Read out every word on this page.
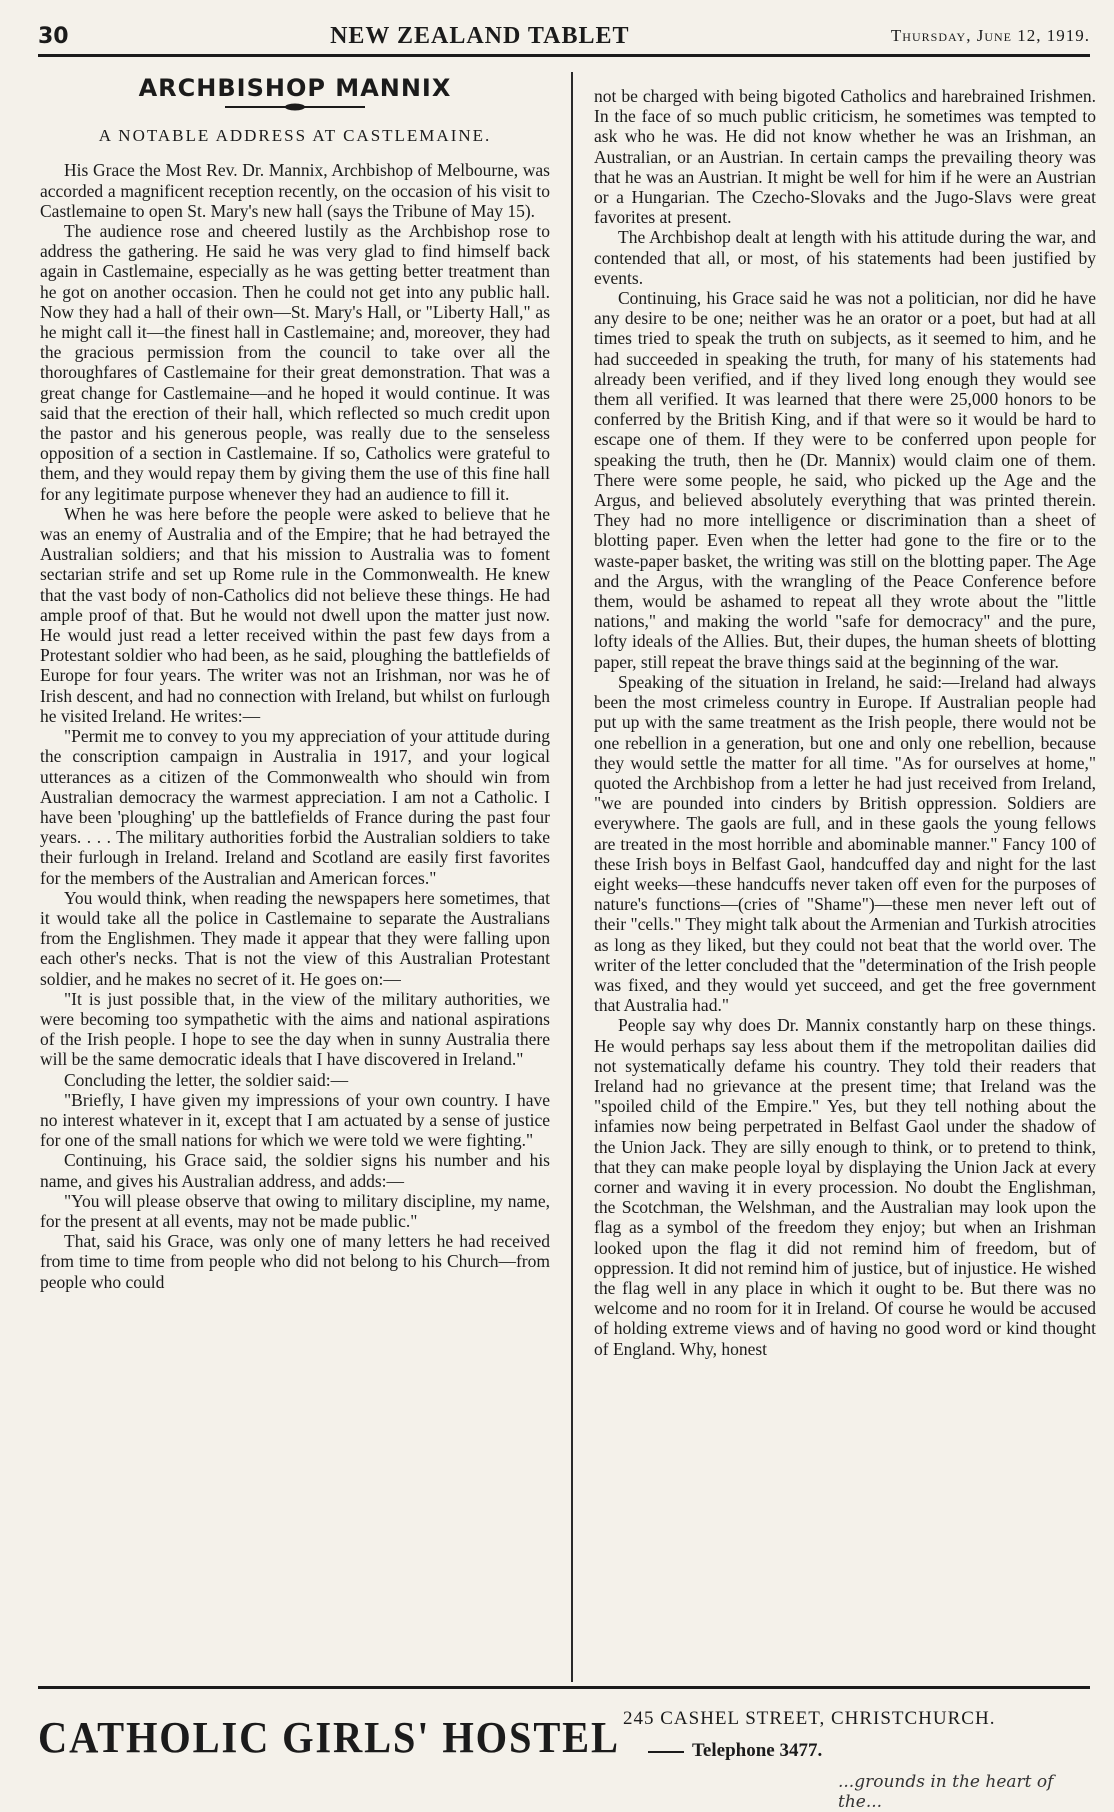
30	NEW ZEALAND TABLET	Thursday, June 12, 1919.
ARCHBISHOP MANNIX
A NOTABLE ADDRESS AT CASTLEMAINE.

His Grace the Most Rev. Dr. Mannix, Archbishop of Melbourne, was accorded a magnificent reception recently, on the occasion of his visit to Castlemaine to open St. Mary's new hall (says the Tribune of May 15).

The audience rose and cheered lustily as the Archbishop rose to address the gathering. He said he was very glad to find himself back again in Castlemaine, especially as he was getting better treatment than he got on another occasion. Then he could not get into any public hall. Now they had a hall of their own—St. Mary's Hall, or "Liberty Hall," as he might call it—the finest hall in Castlemaine; and, moreover, they had the gracious permission from the council to take over all the thoroughfares of Castlemaine for their great demonstration. That was a great change for Castlemaine—and he hoped it would continue. It was said that the erection of their hall, which reflected so much credit upon the pastor and his generous people, was really due to the senseless opposition of a section in Castlemaine. If so, Catholics were grateful to them, and they would repay them by giving them the use of this fine hall for any legitimate purpose whenever they had an audience to fill it.

When he was here before the people were asked to believe that he was an enemy of Australia and of the Empire; that he had betrayed the Australian soldiers; and that his mission to Australia was to foment sectarian strife and set up Rome rule in the Commonwealth. He knew that the vast body of non-Catholics did not believe these things. He had ample proof of that. But he would not dwell upon the matter just now. He would just read a letter received within the past few days from a Protestant soldier who had been, as he said, ploughing the battlefields of Europe for four years. The writer was not an Irishman, nor was he of Irish descent, and had no connection with Ireland, but whilst on furlough he visited Ireland. He writes:—

"Permit me to convey to you my appreciation of your attitude during the conscription campaign in Australia in 1917, and your logical utterances as a citizen of the Commonwealth who should win from Australian democracy the warmest appreciation. I am not a Catholic. I have been 'ploughing' up the battlefields of France during the past four years. . . . The military authorities forbid the Australian soldiers to take their furlough in Ireland. Ireland and Scotland are easily first favorites for the members of the Australian and American forces."

You would think, when reading the newspapers here sometimes, that it would take all the police in Castlemaine to separate the Australians from the Englishmen. They made it appear that they were falling upon each other's necks. That is not the view of this Australian Protestant soldier, and he makes no secret of it. He goes on:—

"It is just possible that, in the view of the military authorities, we were becoming too sympathetic with the aims and national aspirations of the Irish people. I hope to see the day when in sunny Australia there will be the same democratic ideals that I have discovered in Ireland."

Concluding the letter, the soldier said:—

"Briefly, I have given my impressions of your own country. I have no interest whatever in it, except that I am actuated by a sense of justice for one of the small nations for which we were told we were fighting."

Continuing, his Grace said, the soldier signs his number and his name, and gives his Australian address, and adds:—

"You will please observe that owing to military discipline, my name, for the present at all events, may not be made public."

That, said his Grace, was only one of many letters he had received from time to time from people who did not belong to his Church—from people who could

not be charged with being bigoted Catholics and harebrained Irishmen. In the face of so much public criticism, he sometimes was tempted to ask who he was. He did not know whether he was an Irishman, an Australian, or an Austrian. In certain camps the prevailing theory was that he was an Austrian. It might be well for him if he were an Austrian or a Hungarian. The Czecho-Slovaks and the Jugo-Slavs were great favorites at present.

The Archbishop dealt at length with his attitude during the war, and contended that all, or most, of his statements had been justified by events.

Continuing, his Grace said he was not a politician, nor did he have any desire to be one; neither was he an orator or a poet, but had at all times tried to speak the truth on subjects, as it seemed to him, and he had succeeded in speaking the truth, for many of his statements had already been verified, and if they lived long enough they would see them all verified. It was learned that there were 25,000 honors to be conferred by the British King, and if that were so it would be hard to escape one of them. If they were to be conferred upon people for speaking the truth, then he (Dr. Mannix) would claim one of them. There were some people, he said, who picked up the Age and the Argus, and believed absolutely everything that was printed therein. They had no more intelligence or discrimination than a sheet of blotting paper. Even when the letter had gone to the fire or to the waste-paper basket, the writing was still on the blotting paper. The Age and the Argus, with the wrangling of the Peace Conference before them, would be ashamed to repeat all they wrote about the "little nations," and making the world "safe for democracy" and the pure, lofty ideals of the Allies. But, their dupes, the human sheets of blotting paper, still repeat the brave things said at the beginning of the war.

Speaking of the situation in Ireland, he said:—Ireland had always been the most crimeless country in Europe. If Australian people had put up with the same treatment as the Irish people, there would not be one rebellion in a generation, but one and only one rebellion, because they would settle the matter for all time. "As for ourselves at home," quoted the Archbishop from a letter he had just received from Ireland, "we are pounded into cinders by British oppression. Soldiers are everywhere. The gaols are full, and in these gaols the young fellows are treated in the most horrible and abominable manner." Fancy 100 of these Irish boys in Belfast Gaol, handcuffed day and night for the last eight weeks—these handcuffs never taken off even for the purposes of nature's functions—(cries of "Shame")—these men never left out of their "cells." They might talk about the Armenian and Turkish atrocities as long as they liked, but they could not beat that the world over. The writer of the letter concluded that the "determination of the Irish people was fixed, and they would yet succeed, and get the free government that Australia had."

People say why does Dr. Mannix constantly harp on these things. He would perhaps say less about them if the metropolitan dailies did not systematically defame his country. They told their readers that Ireland had no grievance at the present time; that Ireland was the "spoiled child of the Empire." Yes, but they tell nothing about the infamies now being perpetrated in Belfast Gaol under the shadow of the Union Jack. They are silly enough to think, or to pretend to think, that they can make people loyal by displaying the Union Jack at every corner and waving it in every procession. No doubt the Englishman, the Scotchman, the Welshman, and the Australian may look upon the flag as a symbol of the freedom they enjoy; but when an Irishman looked upon the flag it did not remind him of freedom, but of oppression. It did not remind him of justice, but of injustice. He wished the flag well in any place in which it ought to be. But there was no welcome and no room for it in Ireland. Of course he would be accused of holding extreme views and of having no good word or kind thought of England. Why, honest

CATHOLIC GIRLS' HOSTEL 245 CASHEL STREET, CHRISTCHURCH.
Telephone 3477.
...grounds in the heart of the...
